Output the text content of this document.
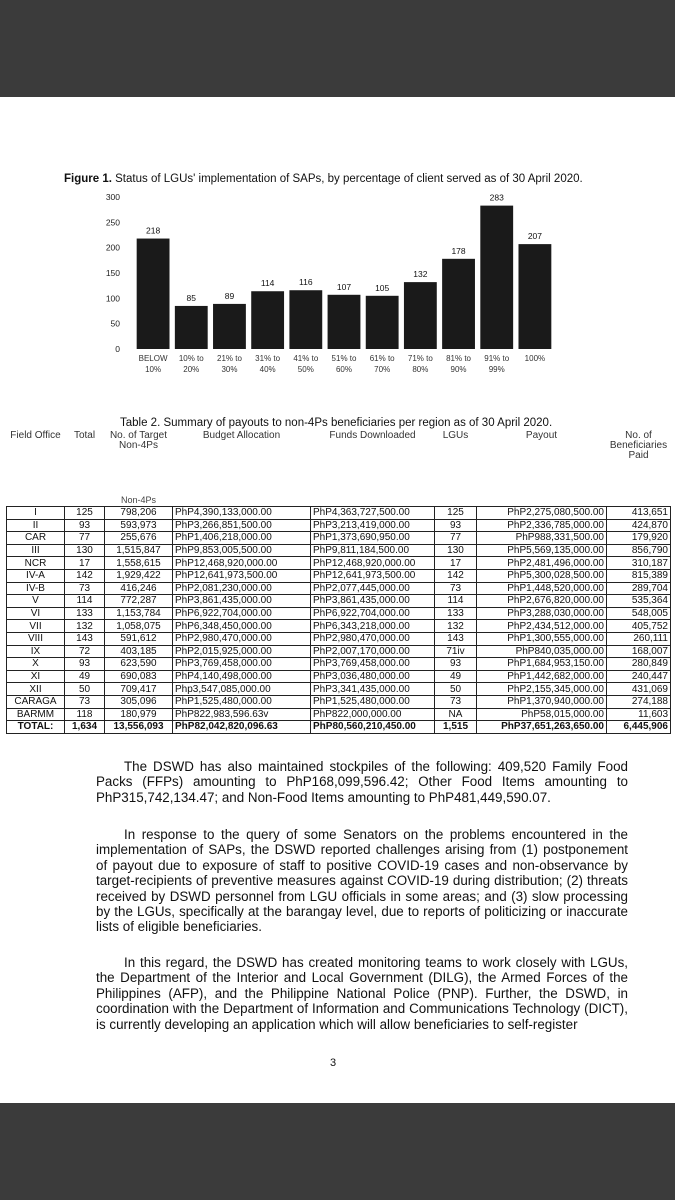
Figure 1. Status of LGUs' implementation of SAPs, by percentage of client served as of 30 April 2020.
0
50
100
150
200
250
300
218
BELOW
10%
85
10% to
20%
89
21% to
30%
114
31% to
40%
116
41% to
50%
107
51% to
60%
105
61% to
70%
132
71% to
80%
178
81% to
90%
283
91% to
99%
207
100%
Table 2. Summary of payouts to non-4Ps beneficiaries per region as of 30 April 2020.
Field Office	Total	No. of Target Non-4Ps	Budget Allocation	Funds Downloaded	LGUs	Payout	No. of Beneficiaries Paid
		Non-4Ps					
I	125	798,206	PhP4,390,133,000.00	PhP4,363,727,500.00	125	PhP2,275,080,500.00	413,651
II	93	593,973	PhP3,266,851,500.00	PhP3,213,419,000.00	93	PhP2,336,785,000.00	424,870
CAR	77	255,676	PhP1,406,218,000.00	PhP1,373,690,950.00	77	PhP988,331,500.00	179,920
III	130	1,515,847	PhP9,853,005,500.00	PhP9,811,184,500.00	130	PhP5,569,135,000.00	856,790
NCR	17	1,558,615	PhP12,468,920,000.00	PhP12,468,920,000.00	17	PhP2,481,496,000.00	310,187
IV-A	142	1,929,422	PhP12,641,973,500.00	PhP12,641,973,500.00	142	PhP5,300,028,500.00	815,389
IV-B	73	416,246	PhP2,081,230,000.00	PhP2,077,445,000.00	73	PhP1,448,520,000.00	289,704
V	114	772,287	PhP3,861,435,000.00	PhP3,861,435,000.00	114	PhP2,676,820,000.00	535,364
VI	133	1,153,784	PhP6,922,704,000.00	PhP6,922,704,000.00	133	PhP3,288,030,000.00	548,005
VII	132	1,058,075	PhP6,348,450,000.00	PhP6,343,218,000.00	132	PhP2,434,512,000.00	405,752
VIII	143	591,612	PhP2,980,470,000.00	PhP2,980,470,000.00	143	PhP1,300,555,000.00	260,111
IX	72	403,185	PhP2,015,925,000.00	PhP2,007,170,000.00	71iv	PhP840,035,000.00	168,007
X	93	623,590	PhP3,769,458,000.00	PhP3,769,458,000.00	93	PhP1,684,953,150.00	280,849
XI	49	690,083	PhP4,140,498,000.00	PhP3,036,480,000.00	49	PhP1,442,682,000.00	240,447
XII	50	709,417	Php3,547,085,000.00	PhP3,341,435,000.00	50	PhP2,155,345,000.00	431,069
CARAGA	73	305,096	PhP1,525,480,000.00	PhP1,525,480,000.00	73	PhP1,370,940,000.00	274,188
BARMM	118	180,979	PhP822,983,596.63v	PhP822,000,000.00	NA	PhP58,015,000.00	11,603
TOTAL:	1,634	13,556,093	PhP82,042,820,096.63	PhP80,560,210,450.00	1,515	PhP37,651,263,650.00	6,445,906
The DSWD has also maintained stockpiles of the following: 409,520 Family Food Packs (FFPs) amounting to PhP168,099,596.42; Other Food Items amounting to PhP315,742,134.47; and Non-Food Items amounting to PhP481,449,590.07.
In response to the query of some Senators on the problems encountered in the implementation of SAPs, the DSWD reported challenges arising from (1) postponement of payout due to exposure of staff to positive COVID-19 cases and non-observance by target-recipients of preventive measures against COVID-19 during distribution; (2) threats received by DSWD personnel from LGU officials in some areas; and (3) slow processing by the LGUs, specifically at the barangay level, due to reports of politicizing or inaccurate lists of eligible beneficiaries.
In this regard, the DSWD has created monitoring teams to work closely with LGUs, the Department of the Interior and Local Government (DILG), the Armed Forces of the Philippines (AFP), and the Philippine National Police (PNP). Further, the DSWD, in coordination with the Department of Information and Communications Technology (DICT), is currently developing an application which will allow beneficiaries to self-register
3
